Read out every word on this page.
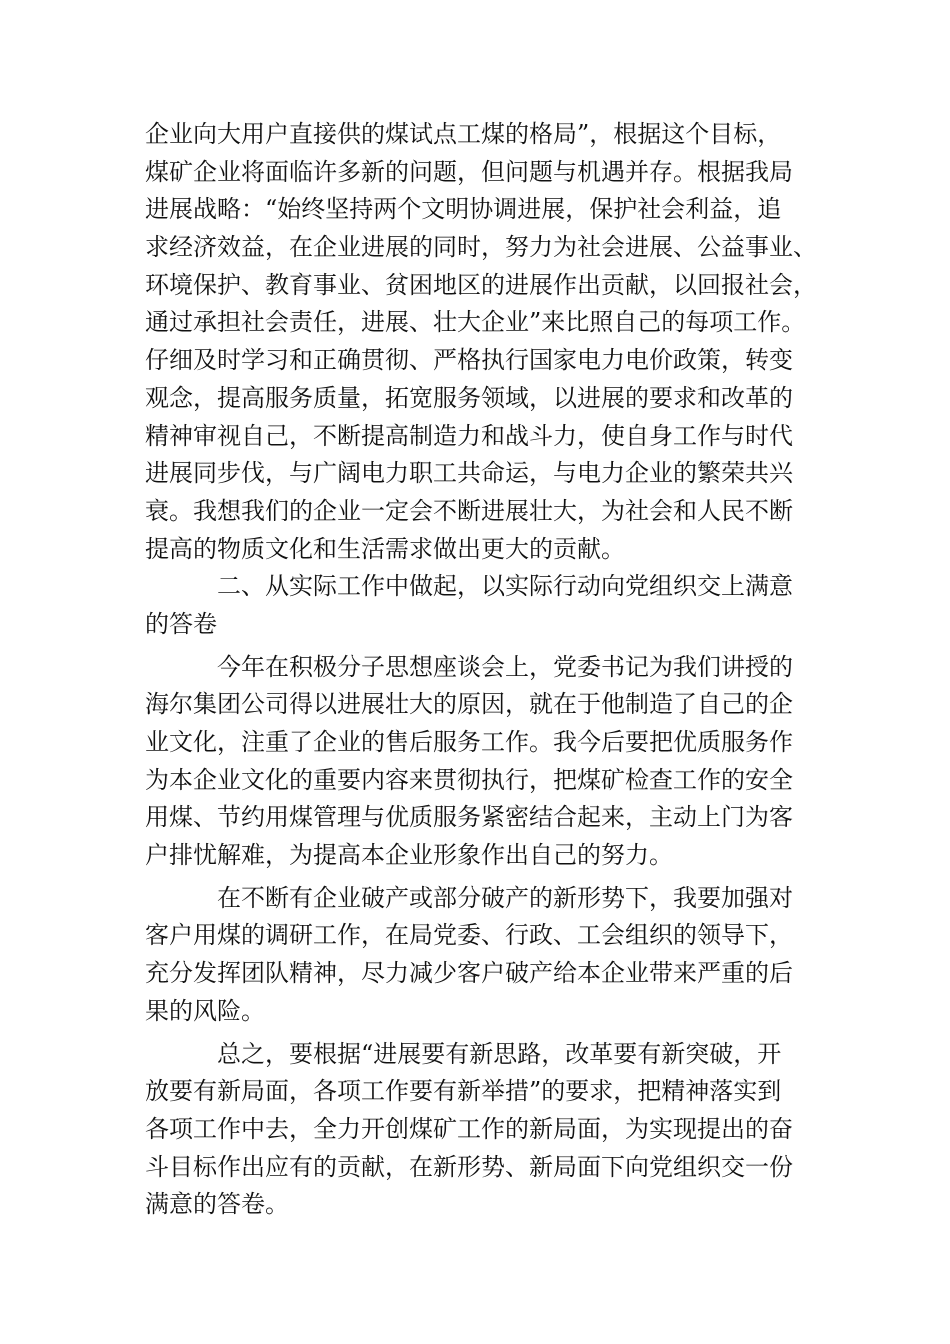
企业向大用户直接供的煤试点工煤的格局”，根据这个目标，
煤矿企业将面临许多新的问题，但问题与机遇并存。根据我局
进展战略：“始终坚持两个文明协调进展，保护社会利益，追
求经济效益，在企业进展的同时，努力为社会进展、公益事业、
环境保护、教育事业、贫困地区的进展作出贡献，以回报社会，
通过承担社会责任，进展、壮大企业”来比照自己的每项工作。
仔细及时学习和正确贯彻、严格执行国家电力电价政策，转变
观念，提高服务质量，拓宽服务领域，以进展的要求和改革的
精神审视自己，不断提高制造力和战斗力，使自身工作与时代
进展同步伐，与广阔电力职工共命运，与电力企业的繁荣共兴
衰。我想我们的企业一定会不断进展壮大，为社会和人民不断
提高的物质文化和生活需求做出更大的贡献。
二、从实际工作中做起，以实际行动向党组织交上满意
的答卷
今年在积极分子思想座谈会上，党委书记为我们讲授的
海尔集团公司得以进展壮大的原因，就在于他制造了自己的企
业文化，注重了企业的售后服务工作。我今后要把优质服务作
为本企业文化的重要内容来贯彻执行，把煤矿检查工作的安全
用煤、节约用煤管理与优质服务紧密结合起来，主动上门为客
户排忧解难，为提高本企业形象作出自己的努力。
在不断有企业破产或部分破产的新形势下，我要加强对
客户用煤的调研工作，在局党委、行政、工会组织的领导下，
充分发挥团队精神，尽力减少客户破产给本企业带来严重的后
果的风险。
总之，要根据“进展要有新思路，改革要有新突破，开
放要有新局面，各项工作要有新举措”的要求，把精神落实到
各项工作中去，全力开创煤矿工作的新局面，为实现提出的奋
斗目标作出应有的贡献，在新形势、新局面下向党组织交一份
满意的答卷。
